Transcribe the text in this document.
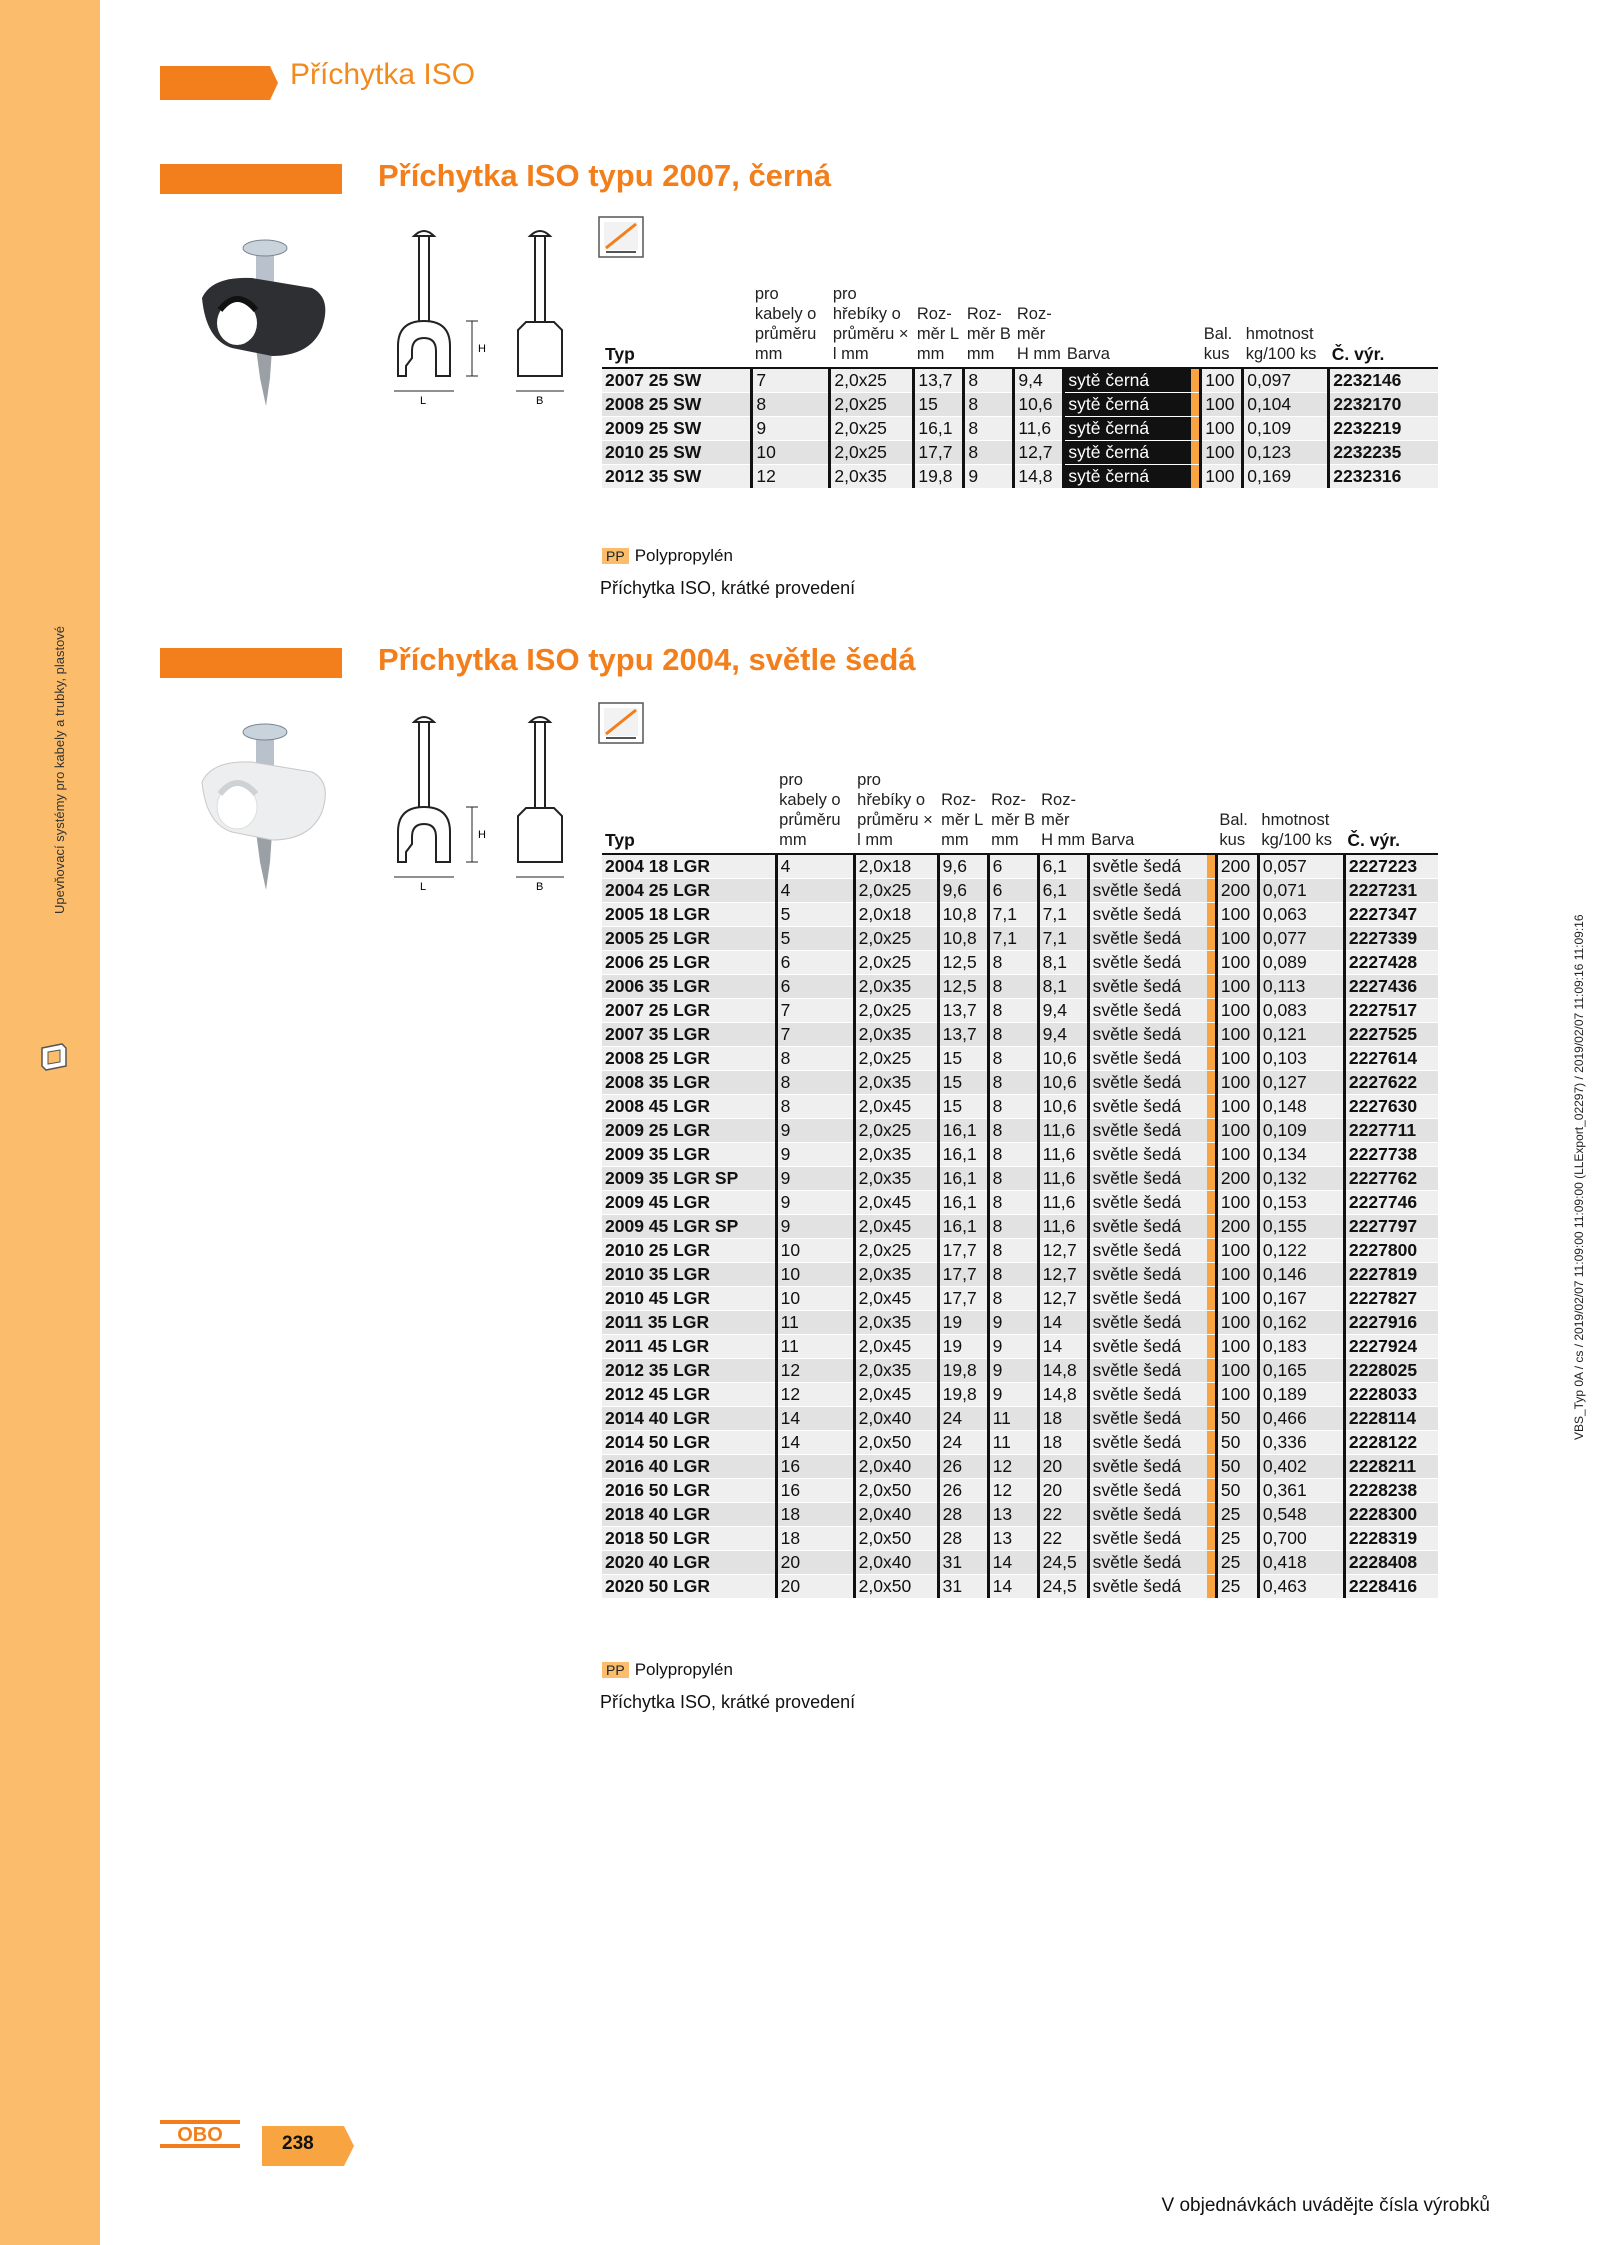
Upevňovací systémy pro kabely a trubky, plastové
Příchytka ISO
Příchytka ISO typu 2007, černá
L	B
H	Typ	pro kabely o průměru mm	pro hřebíky o průměru × l mm	Roz-měr L mm	Roz-měr B mm	Roz-měr H mm	Barva		Bal. kus	hmotnost kg/100 ks	Č. výr.
2007 25 SW	7	2,0x25	13,7	8	9,4	sytě černá		100	0,097	2232146
2008 25 SW	8	2,0x25	15	8	10,6	sytě černá		100	0,104	2232170
2009 25 SW	9	2,0x25	16,1	8	11,6	sytě černá		100	0,109	2232219
2010 25 SW	10	2,0x25	17,7	8	12,7	sytě černá		100	0,123	2232235
2012 35 SW	12	2,0x35	19,8	9	14,8	sytě černá		100	0,169	2232316
PP Polypropylén
Příchytka ISO, krátké provedení
Příchytka ISO typu 2004, světle šedá
L	B
H	Typ	pro kabely o průměru mm	pro hřebíky o průměru × l mm	Roz-měr L mm	Roz-měr B mm	Roz-měr H mm	Barva		Bal. kus	hmotnost kg/100 ks	Č. výr.
2004 18 LGR	4	2,0x18	9,6	6	6,1	světle šedá		200	0,057	2227223
2004 25 LGR	4	2,0x25	9,6	6	6,1	světle šedá		200	0,071	2227231
2005 18 LGR	5	2,0x18	10,8	7,1	7,1	světle šedá		100	0,063	2227347
2005 25 LGR	5	2,0x25	10,8	7,1	7,1	světle šedá		100	0,077	2227339
2006 25 LGR	6	2,0x25	12,5	8	8,1	světle šedá		100	0,089	2227428
2006 35 LGR	6	2,0x35	12,5	8	8,1	světle šedá		100	0,113	2227436
2007 25 LGR	7	2,0x25	13,7	8	9,4	světle šedá		100	0,083	2227517
2007 35 LGR	7	2,0x35	13,7	8	9,4	světle šedá		100	0,121	2227525
2008 25 LGR	8	2,0x25	15	8	10,6	světle šedá		100	0,103	2227614
2008 35 LGR	8	2,0x35	15	8	10,6	světle šedá		100	0,127	2227622
2008 45 LGR	8	2,0x45	15	8	10,6	světle šedá		100	0,148	2227630
2009 25 LGR	9	2,0x25	16,1	8	11,6	světle šedá		100	0,109	2227711
2009 35 LGR	9	2,0x35	16,1	8	11,6	světle šedá		100	0,134	2227738
2009 35 LGR SP	9	2,0x35	16,1	8	11,6	světle šedá		200	0,132	2227762
2009 45 LGR	9	2,0x45	16,1	8	11,6	světle šedá		100	0,153	2227746
2009 45 LGR SP	9	2,0x45	16,1	8	11,6	světle šedá		200	0,155	2227797
2010 25 LGR	10	2,0x25	17,7	8	12,7	světle šedá		100	0,122	2227800
2010 35 LGR	10	2,0x35	17,7	8	12,7	světle šedá		100	0,146	2227819
2010 45 LGR	10	2,0x45	17,7	8	12,7	světle šedá		100	0,167	2227827
2011 35 LGR	11	2,0x35	19	9	14	světle šedá		100	0,162	2227916
2011 45 LGR	11	2,0x45	19	9	14	světle šedá		100	0,183	2227924
2012 35 LGR	12	2,0x35	19,8	9	14,8	světle šedá		100	0,165	2228025
2012 45 LGR	12	2,0x45	19,8	9	14,8	světle šedá		100	0,189	2228033
2014 40 LGR	14	2,0x40	24	11	18	světle šedá		50	0,466	2228114
2014 50 LGR	14	2,0x50	24	11	18	světle šedá		50	0,336	2228122
2016 40 LGR	16	2,0x40	26	12	20	světle šedá		50	0,402	2228211
2016 50 LGR	16	2,0x50	26	12	20	světle šedá		50	0,361	2228238
2018 40 LGR	18	2,0x40	28	13	22	světle šedá		25	0,548	2228300
2018 50 LGR	18	2,0x50	28	13	22	světle šedá		25	0,700	2228319
2020 40 LGR	20	2,0x40	31	14	24,5	světle šedá		25	0,418	2228408
2020 50 LGR	20	2,0x50	31	14	24,5	světle šedá		25	0,463	2228416
PP Polypropylén
Příchytka ISO, krátké provedení
VBS_Typ 0A / cs / 2019/02/07 11:09:00 11:09:00 (LLExport_02297) / 2019/02/07 11:09:16 11:09:16
OBO	238
V objednávkách uvádějte čísla výrobků
